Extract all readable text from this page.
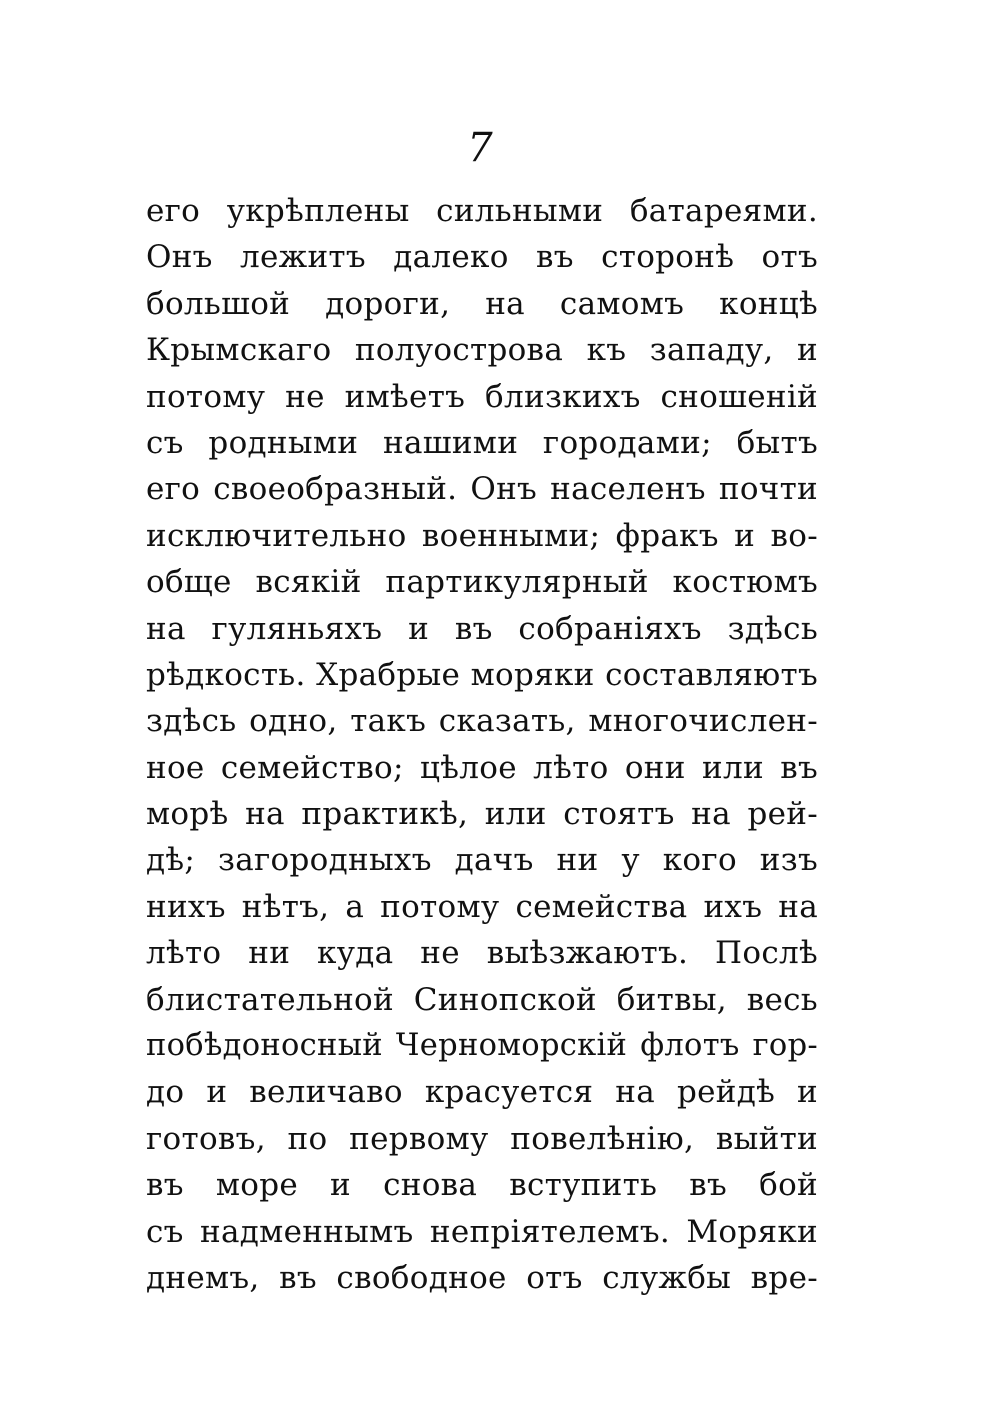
7
его укрѣплены сильными батареями.
Онъ лежитъ далеко въ сторонѣ отъ
большой дороги, на самомъ концѣ
Крымскаго полуострова къ западу, и
потому не имѣетъ близкихъ сношеній
съ родными нашими городами; бытъ
его своеобразный. Онъ населенъ почти
исключительно военными; фракъ и во-
обще всякій партикулярный костюмъ
на гуляньяхъ и въ собраніяхъ здѣсь
рѣдкость. Храбрые моряки составляютъ
здѣсь одно, такъ сказать, многочислен-
ное семейство; цѣлое лѣто они или въ
морѣ на практикѣ, или стоятъ на рей-
дѣ; загородныхъ дачъ ни у кого изъ
нихъ нѣтъ, а потому семейства ихъ на
лѣто ни куда не выѣзжаютъ. Послѣ
блистательной Синопской битвы, весь
побѣдоносный Черноморскій флотъ гор-
до и величаво красуется на рейдѣ и
готовъ, по первому повелѣнію, выйти
въ море и снова вступить въ бой
съ надменнымъ непріятелемъ. Моряки
днемъ, въ свободное отъ службы вре-
